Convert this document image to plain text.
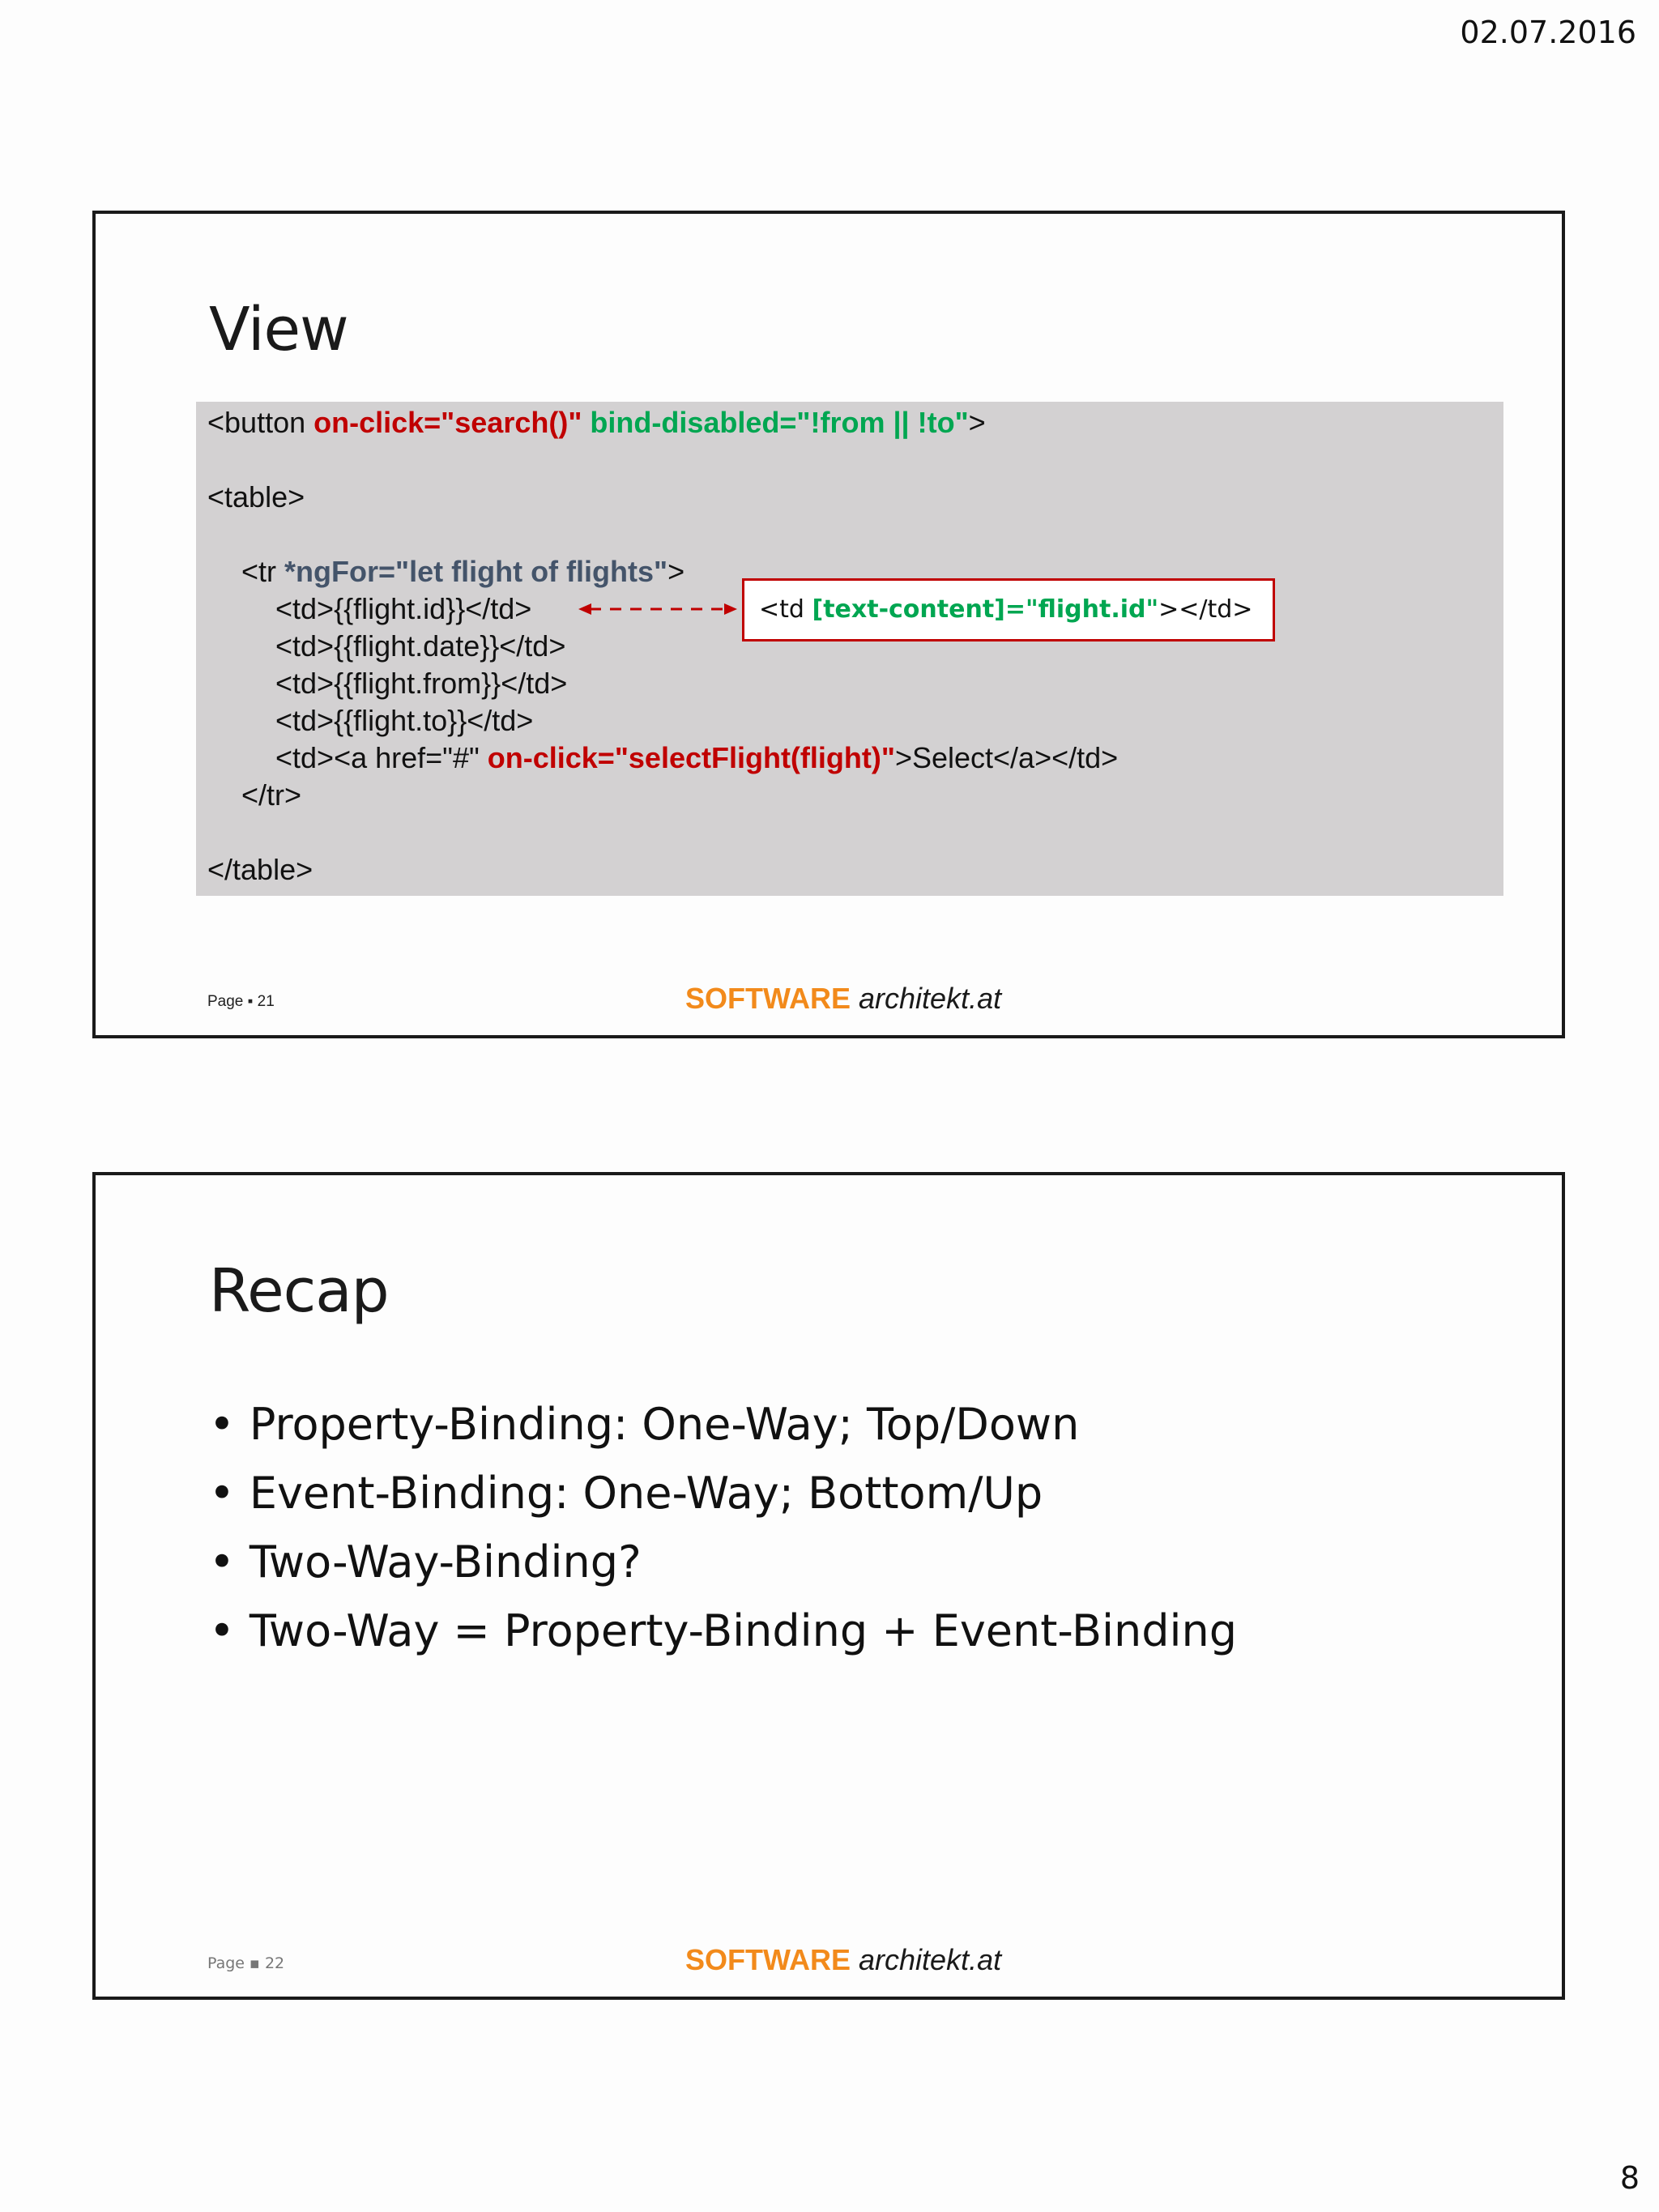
02.07.2016
View
<button on-click="search()" bind-disabled="!from || !to">
<table>
<tr *ngFor="let flight of flights">
<td>{{flight.id}}</td>
<td>{{flight.date}}</td>
<td>{{flight.from}}</td>
<td>{{flight.to}}</td>
<td><a href="#" on-click="selectFlight(flight)">Select</a></td>
</tr>
</table>
<td [text-content]="flight.id"></td>
Page ▪ 21	SOFTWARE architekt.at
Recap
• Property-Binding: One-Way; Top/Down
• Event-Binding: One-Way; Bottom/Up
• Two-Way-Binding?
• Two-Way = Property-Binding + Event-Binding
Page ▪ 22	SOFTWARE architekt.at
8
